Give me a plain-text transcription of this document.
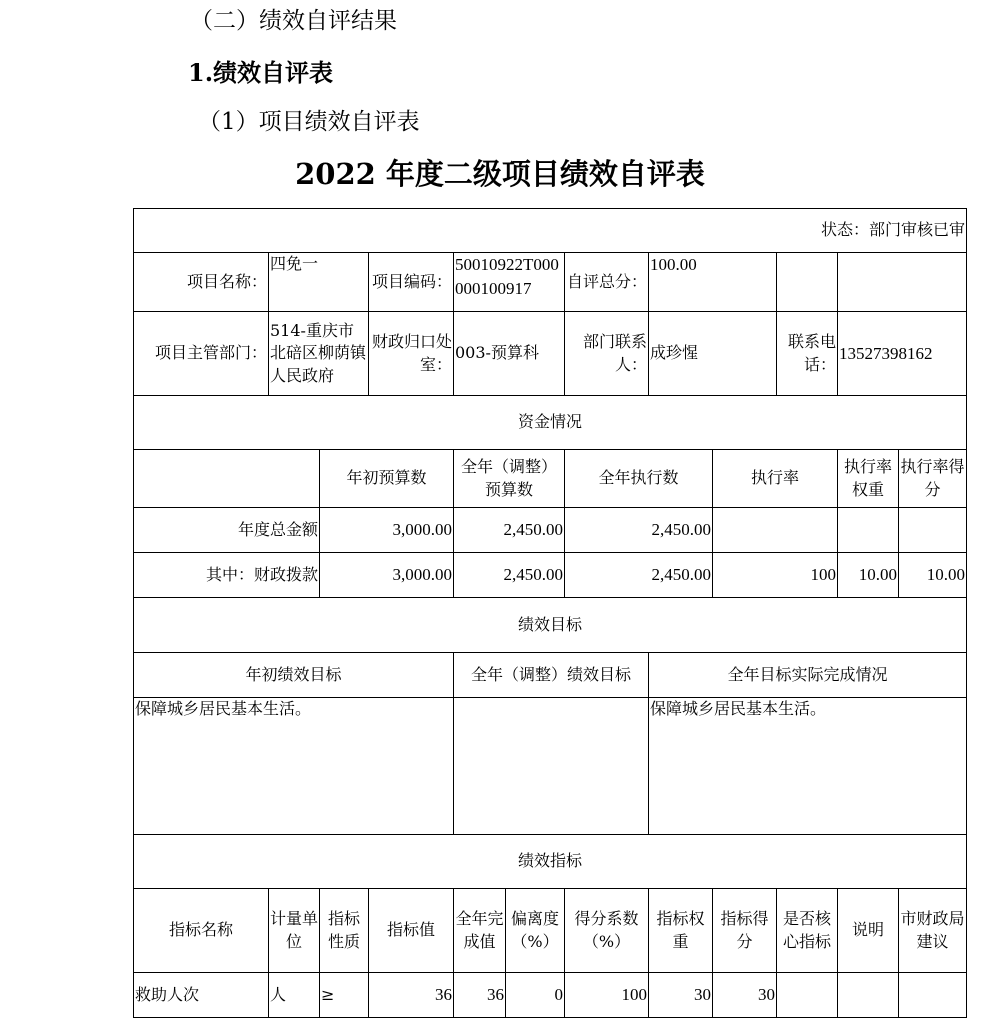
（二）绩效自评结果
1.绩效自评表
（1）项目绩效自评表
2022 年度二级项目绩效自评表
状态：部门审核已审											
项目名称：	四免一		项目编码：	50010922T000000100917		自评总分：	100.00				
项目主管部门：	514-重庆市北碚区柳荫镇人民政府		财政归口处室：	003-预算科		部门联系人：	成珍惺		联系电话：	13527398162	
资金情况											
		年初预算数		全年（调整）预算数		全年执行数		执行率		执行率权重	执行率得分
年度总金额		3,000.00		2,450.00		2,450.00					
其中：财政拨款		3,000.00		2,450.00		2,450.00		100		10.00	10.00
绩效目标											
年初绩效目标				全年（调整）绩效目标			全年目标实际完成情况				
保障城乡居民基本生活。							保障城乡居民基本生活。				
绩效指标											
指标名称	计量单位	指标性质	指标值	全年完成值	偏离度（%）	得分系数（%）	指标权重	指标得分	是否核心指标	说明	市财政局建议
救助人次	人	≥	36	36	0	100	30	30			
